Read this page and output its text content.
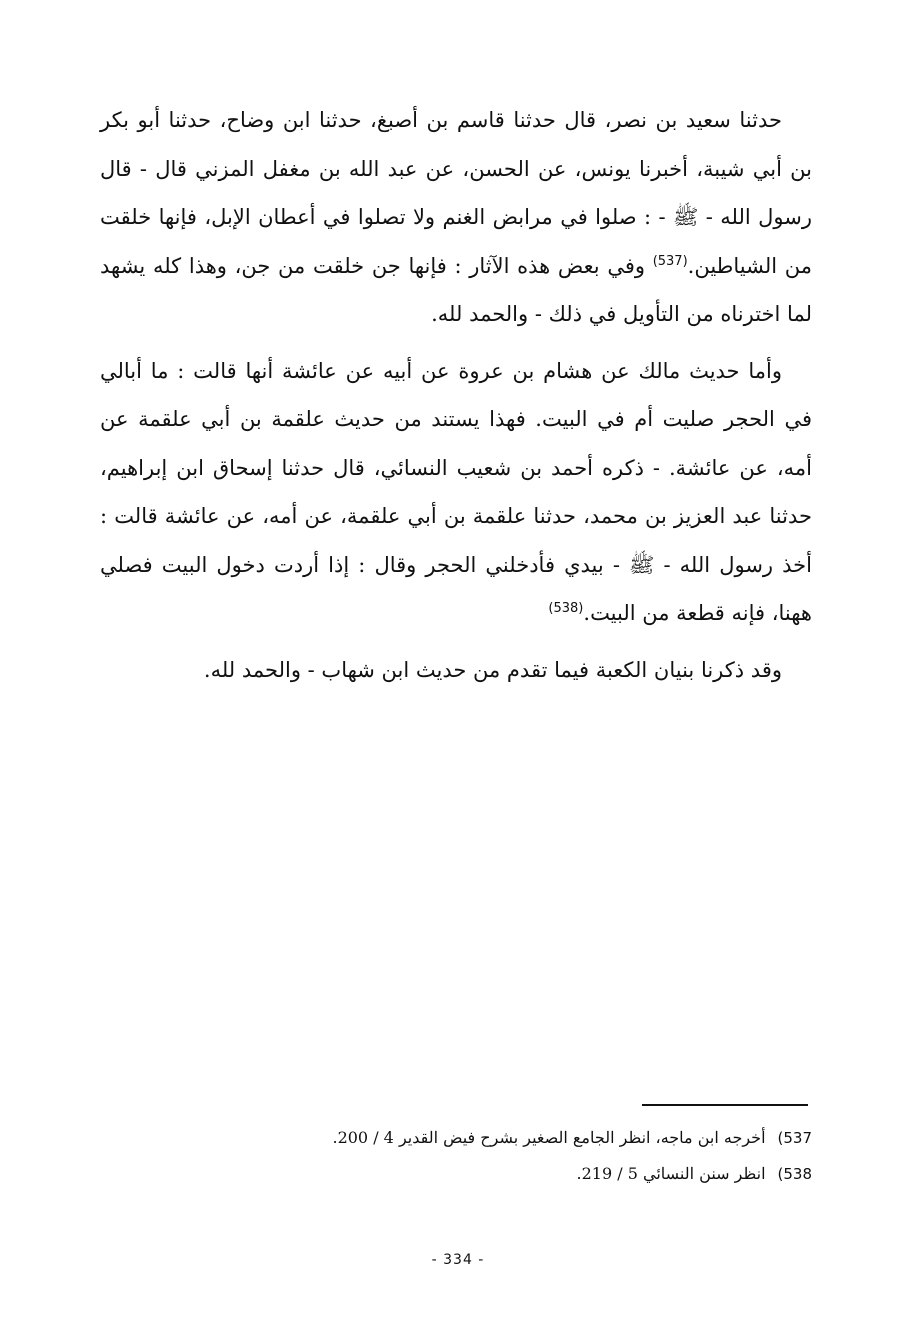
حدثنا سعيد بن نصر، قال حدثنا قاسم بن أصبغ، حدثنا ابن وضاح، حدثنا أبو بكر بن أبي شيبة، أخبرنا يونس، عن الحسن، عن عبد الله بن مغفل المزني قال - قال رسول الله - ﷺ - : صلوا في مرابض الغنم ولا تصلوا في أعطان الإبل، فإنها خلقت من الشياطين.$^{(537)}$ وفي بعض هذه الآثار : فإنها جن خلقت من جن، وهذا كله يشهد لما اخترناه من التأويل في ذلك - والحمد لله.

وأما حديث مالك عن هشام بن عروة عن أبيه عن عائشة أنها قالت : ما أبالي في الحجر صليت أم في البيت. فهذا يستند من حديث علقمة بن أبي علقمة عن أمه، عن عائشة. - ذكره أحمد بن شعيب النسائي، قال حدثنا إسحاق ابن إبراهيم، حدثنا عبد العزيز بن محمد، حدثنا علقمة بن أبي علقمة، عن أمه، عن عائشة قالت : أخذ رسول الله - ﷺ - بيدي فأدخلني الحجر وقال : إذا أردت دخول البيت فصلي ههنا، فإنه قطعة من البيت.$^{(538)}$

وقد ذكرنا بنيان الكعبة فيما تقدم من حديث ابن شهاب - والحمد لله.

(537أخرجه ابن ماجه، انظر الجامع الصغير بشرح فيض القدير 4 / 200.
(538انظر سنن النسائي 5 / 219.
- 334 -
